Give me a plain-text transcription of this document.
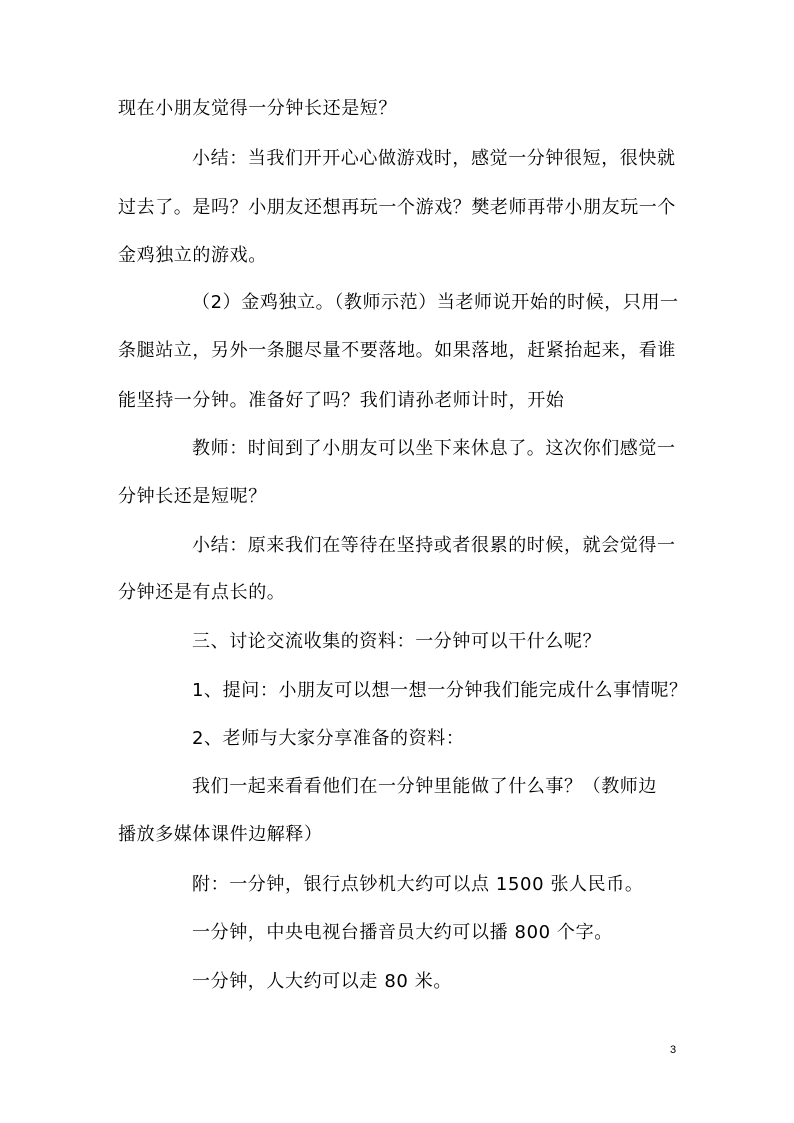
现在小朋友觉得一分钟长还是短？
小结：当我们开开心心做游戏时，感觉一分钟很短，很快就
过去了。是吗？小朋友还想再玩一个游戏？樊老师再带小朋友玩一个
金鸡独立的游戏。
（2）金鸡独立。（教师示范）当老师说开始的时候，只用一
条腿站立，另外一条腿尽量不要落地。如果落地，赶紧抬起来，看谁
能坚持一分钟。准备好了吗？我们请孙老师计时，开始
教师：时间到了小朋友可以坐下来休息了。这次你们感觉一
分钟长还是短呢？
小结：原来我们在等待在坚持或者很累的时候，就会觉得一
分钟还是有点长的。
三、讨论交流收集的资料：一分钟可以干什么呢？
1、提问：小朋友可以想一想一分钟我们能完成什么事情呢？
2、老师与大家分享准备的资料：
我们一起来看看他们在一分钟里能做了什么事？（教师边
播放多媒体课件边解释）
附：一分钟，银行点钞机大约可以点 1500 张人民币。
一分钟，中央电视台播音员大约可以播 800 个字。
一分钟，人大约可以走 80 米。
3
